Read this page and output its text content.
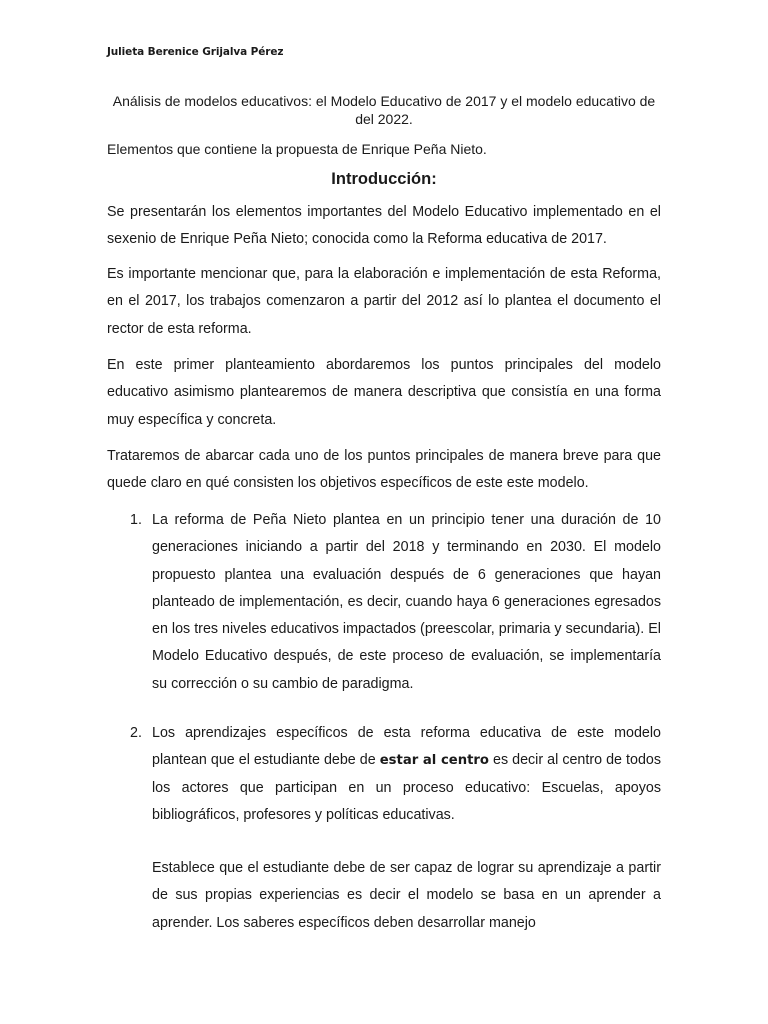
Julieta Berenice Grijalva Pérez
Análisis de modelos educativos: el Modelo Educativo de 2017 y el modelo educativo de del 2022.
Elementos que contiene la propuesta de Enrique Peña Nieto.
Introducción:
Se presentarán los elementos importantes del Modelo Educativo implementado en el sexenio de Enrique Peña Nieto; conocida como la Reforma educativa de 2017.
Es importante mencionar que, para la elaboración e implementación de esta Reforma, en el 2017, los trabajos comenzaron a partir del 2012 así lo plantea el documento el rector de esta reforma.
En este primer planteamiento abordaremos los puntos principales del modelo educativo asimismo plantearemos de manera descriptiva que consistía en una forma muy específica y concreta.
Trataremos de abarcar cada uno de los puntos principales de manera breve para que quede claro en qué consisten los objetivos específicos de este este modelo.
1. La reforma de Peña Nieto plantea en un principio tener una duración de 10 generaciones iniciando a partir del 2018 y terminando en 2030. El modelo propuesto plantea una evaluación después de 6 generaciones que hayan planteado de implementación, es decir, cuando haya 6 generaciones egresados en los tres niveles educativos impactados (preescolar, primaria y secundaria). El Modelo Educativo después, de este proceso de evaluación, se implementaría su corrección o su cambio de paradigma.
2. Los aprendizajes específicos de esta reforma educativa de este modelo plantean que el estudiante debe de estar al centro es decir al centro de todos los actores que participan en un proceso educativo: Escuelas, apoyos bibliográficos, profesores y políticas educativas.
Establece que el estudiante debe de ser capaz de lograr su aprendizaje a partir de sus propias experiencias es decir el modelo se basa en un aprender a aprender. Los saberes específicos deben desarrollar manejo
